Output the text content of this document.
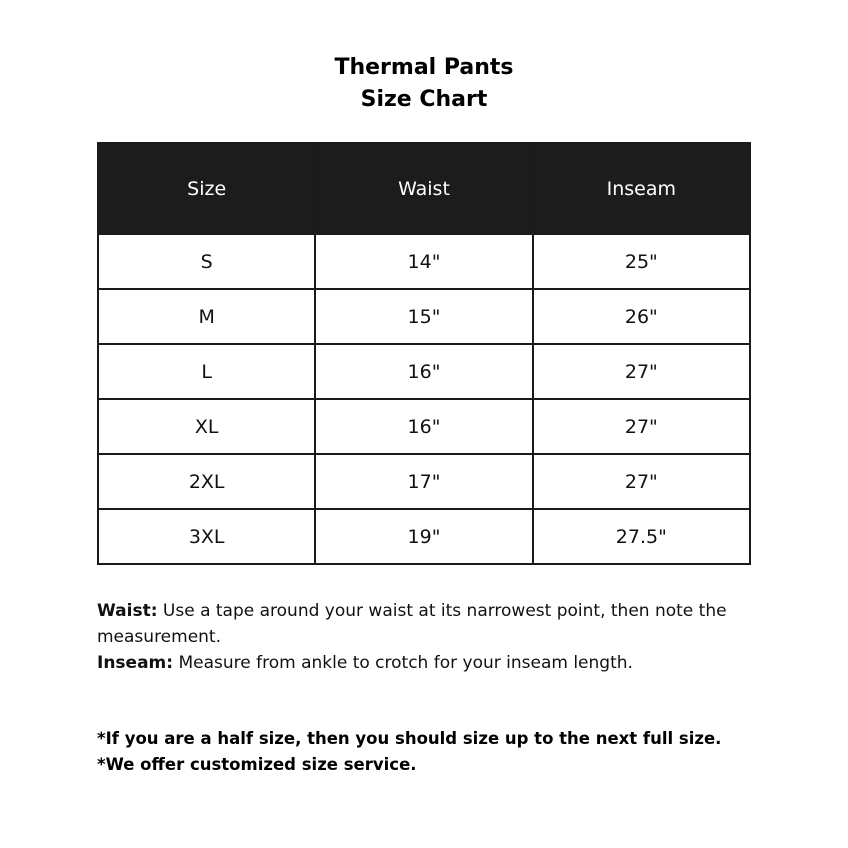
Thermal Pants
Size Chart
Size	Waist	Inseam
S	14"	25"
M	15"	26"
L	16"	27"
XL	16"	27"
2XL	17"	27"
3XL	19"	27.5"

Waist: Use a tape around your waist at its narrowest point, then note the measurement.

Inseam: Measure from ankle to crotch for your inseam length.

*If you are a half size, then you should size up to the next full size.

*We offer customized size service.
